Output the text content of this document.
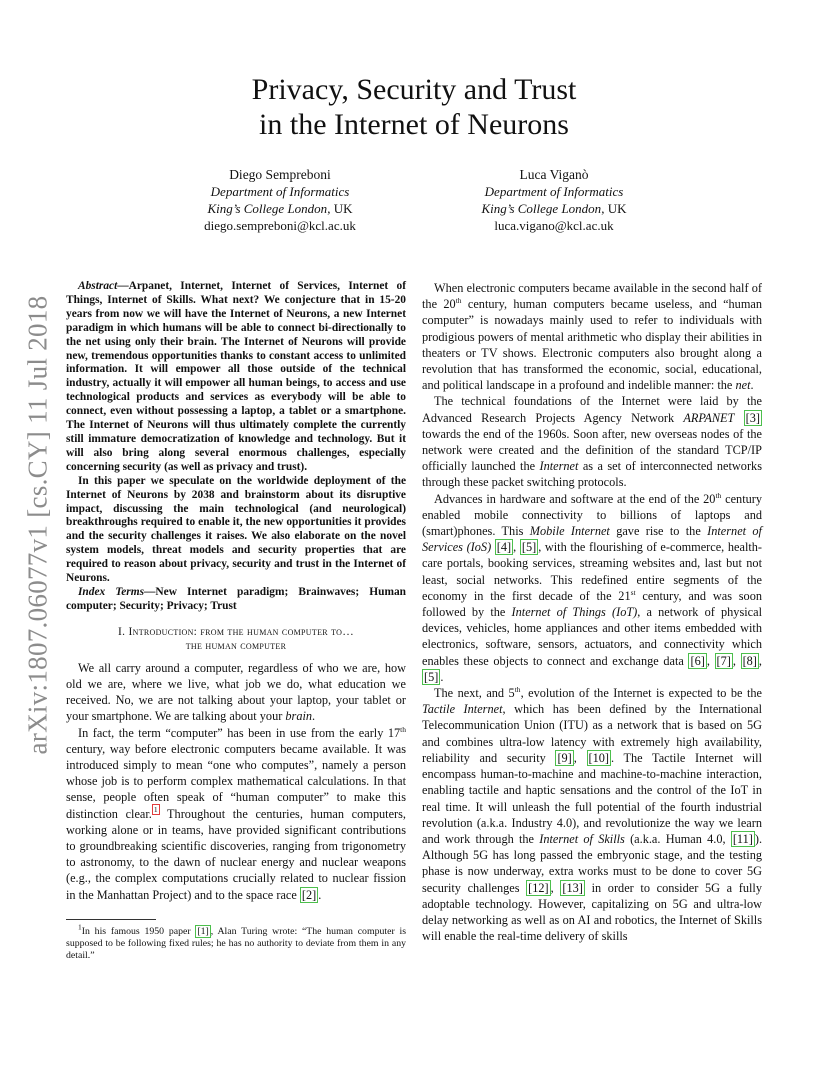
arXiv:1807.06077v1 [cs.CY] 11 Jul 2018
Privacy, Security and Trust
in the Internet of Neurons
Diego Sempreboni
Department of Informatics
King’s College London, UK
diego.sempreboni@kcl.ac.uk
Luca Viganò
Department of Informatics
King’s College London, UK
luca.vigano@kcl.ac.uk

Abstract—Arpanet, Internet, Internet of Services, Internet of Things, Internet of Skills. What next? We conjecture that in 15-20 years from now we will have the Internet of Neurons, a new Internet paradigm in which humans will be able to connect bi-directionally to the net using only their brain. The Internet of Neurons will provide new, tremendous opportunities thanks to constant access to unlimited information. It will empower all those outside of the technical industry, actually it will empower all human beings, to access and use technological products and services as everybody will be able to connect, even without possessing a laptop, a tablet or a smartphone. The Internet of Neurons will thus ultimately complete the currently still immature democratization of knowledge and technology. But it will also bring along several enormous challenges, especially concerning security (as well as privacy and trust).

In this paper we speculate on the worldwide deployment of the Internet of Neurons by 2038 and brainstorm about its disruptive impact, discussing the main technological (and neurological) breakthroughs required to enable it, the new opportunities it provides and the security challenges it raises. We also elaborate on the novel system models, threat models and security properties that are required to reason about privacy, security and trust in the Internet of Neurons.

Index Terms—New Internet paradigm; Brainwaves; Human computer; Security; Privacy; Trust

I. Introduction: from the human computer to…
the human computer

We all carry around a computer, regardless of who we are, how old we are, where we live, what job we do, what education we received. No, we are not talking about your laptop, your tablet or your smartphone. We are talking about your brain.

In fact, the term “computer” has been in use from the early 17th century, way before electronic computers became available. It was introduced simply to mean “one who computes”, namely a person whose job is to perform complex mathematical calculations. In that sense, people often speak of “human computer” to make this distinction clear. $^1$ Throughout the centuries, human computers, working alone or in teams, have provided significant contributions to groundbreaking scientific discoveries, ranging from trigonometry to astronomy, to the dawn of nuclear energy and nuclear weapons (e.g., the complex computations crucially related to nuclear fission in the Manhattan Project) and to the space race [2] .

$^1$In his famous 1950 paper [1] , Alan Turing wrote: “The human computer is supposed to be following fixed rules; he has no authority to deviate from them in any detail.”

When electronic computers became available in the second half of the 20th century, human computers became useless, and “human computer” is nowadays mainly used to refer to individuals with prodigious powers of mental arithmetic who display their abilities in theaters or TV shows. Electronic computers also brought along a revolution that has transformed the economic, social, educational, and political landscape in a profound and indelible manner: the net.

The technical foundations of the Internet were laid by the Advanced Research Projects Agency Network ARPANET [3] towards the end of the 1960s. Soon after, new overseas nodes of the network were created and the definition of the standard TCP/IP officially launched the Internet as a set of interconnected networks through these packet switching protocols.

Advances in hardware and software at the end of the 20th century enabled mobile connectivity to billions of laptops and (smart)phones. This Mobile Internet gave rise to the Internet of Services (IoS) [4] , [5] , with the flourishing of e-commerce, health-care portals, booking services, streaming websites and, last but not least, social networks. This redefined entire segments of the economy in the first decade of the 21st century, and was soon followed by the Internet of Things (IoT), a network of physical devices, vehicles, home appliances and other items embedded with electronics, software, sensors, actuators, and connectivity which enables these objects to connect and exchange data [6] , [7] , [8] , [5] .

The next, and 5th, evolution of the Internet is expected to be the Tactile Internet, which has been defined by the International Telecommunication Union (ITU) as a network that is based on 5G and combines ultra-low latency with extremely high availability, reliability and security [9] , [10] . The Tactile Internet will encompass human-to-machine and machine-to-machine interaction, enabling tactile and haptic sensations and the control of the IoT in real time. It will unleash the full potential of the fourth industrial revolution (a.k.a. Industry 4.0), and revolutionize the way we learn and work through the Internet of Skills (a.k.a. Human 4.0, [11] ). Although 5G has long passed the embryonic stage, and the testing phase is now underway, extra works must to be done to cover 5G security challenges [12] , [13] in order to consider 5G a fully adoptable technology. However, capitalizing on 5G and ultra-low delay networking as well as on AI and robotics, the Internet of Skills will enable the real-time delivery of skills
